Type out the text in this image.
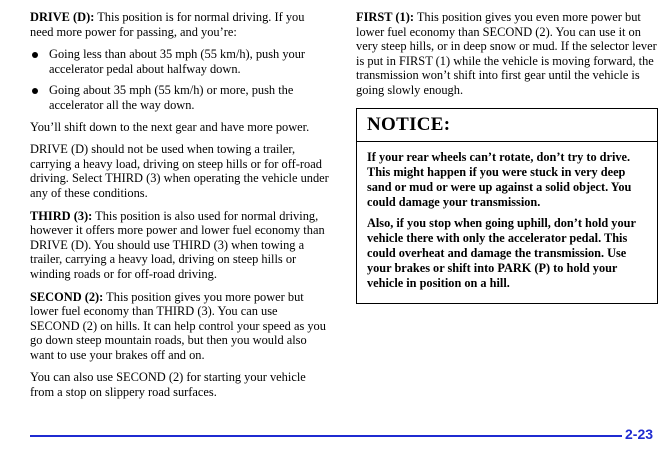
DRIVE (D): This position is for normal driving. If you need more power for passing, and you’re:

Going less than about 35 mph (55 km/h), push your accelerator pedal about halfway down.
Going about 35 mph (55 km/h) or more, push the accelerator all the way down.

You’ll shift down to the next gear and have more power.

DRIVE (D) should not be used when towing a trailer, carrying a heavy load, driving on steep hills or for off-road driving. Select THIRD (3) when operating the vehicle under any of these conditions.

THIRD (3): This position is also used for normal driving, however it offers more power and lower fuel economy than DRIVE (D). You should use THIRD (3) when towing a trailer, carrying a heavy load, driving on steep hills or winding roads or for off-road driving.

SECOND (2): This position gives you more power but lower fuel economy than THIRD (3). You can use SECOND (2) on hills. It can help control your speed as you go down steep mountain roads, but then you would also want to use your brakes off and on.

You can also use SECOND (2) for starting your vehicle from a stop on slippery road surfaces.

FIRST (1): This position gives you even more power but lower fuel economy than SECOND (2). You can use it on very steep hills, or in deep snow or mud. If the selector lever is put in FIRST (1) while the vehicle is moving forward, the transmission won’t shift into first gear until the vehicle is going slowly enough.

NOTICE:

If your rear wheels can’t rotate, don’t try to drive. This might happen if you were stuck in very deep sand or mud or were up against a solid object. You could damage your transmission.

Also, if you stop when going uphill, don’t hold your vehicle there with only the accelerator pedal. This could overheat and damage the transmission. Use your brakes or shift into PARK (P) to hold your vehicle in position on a hill.

2-23
